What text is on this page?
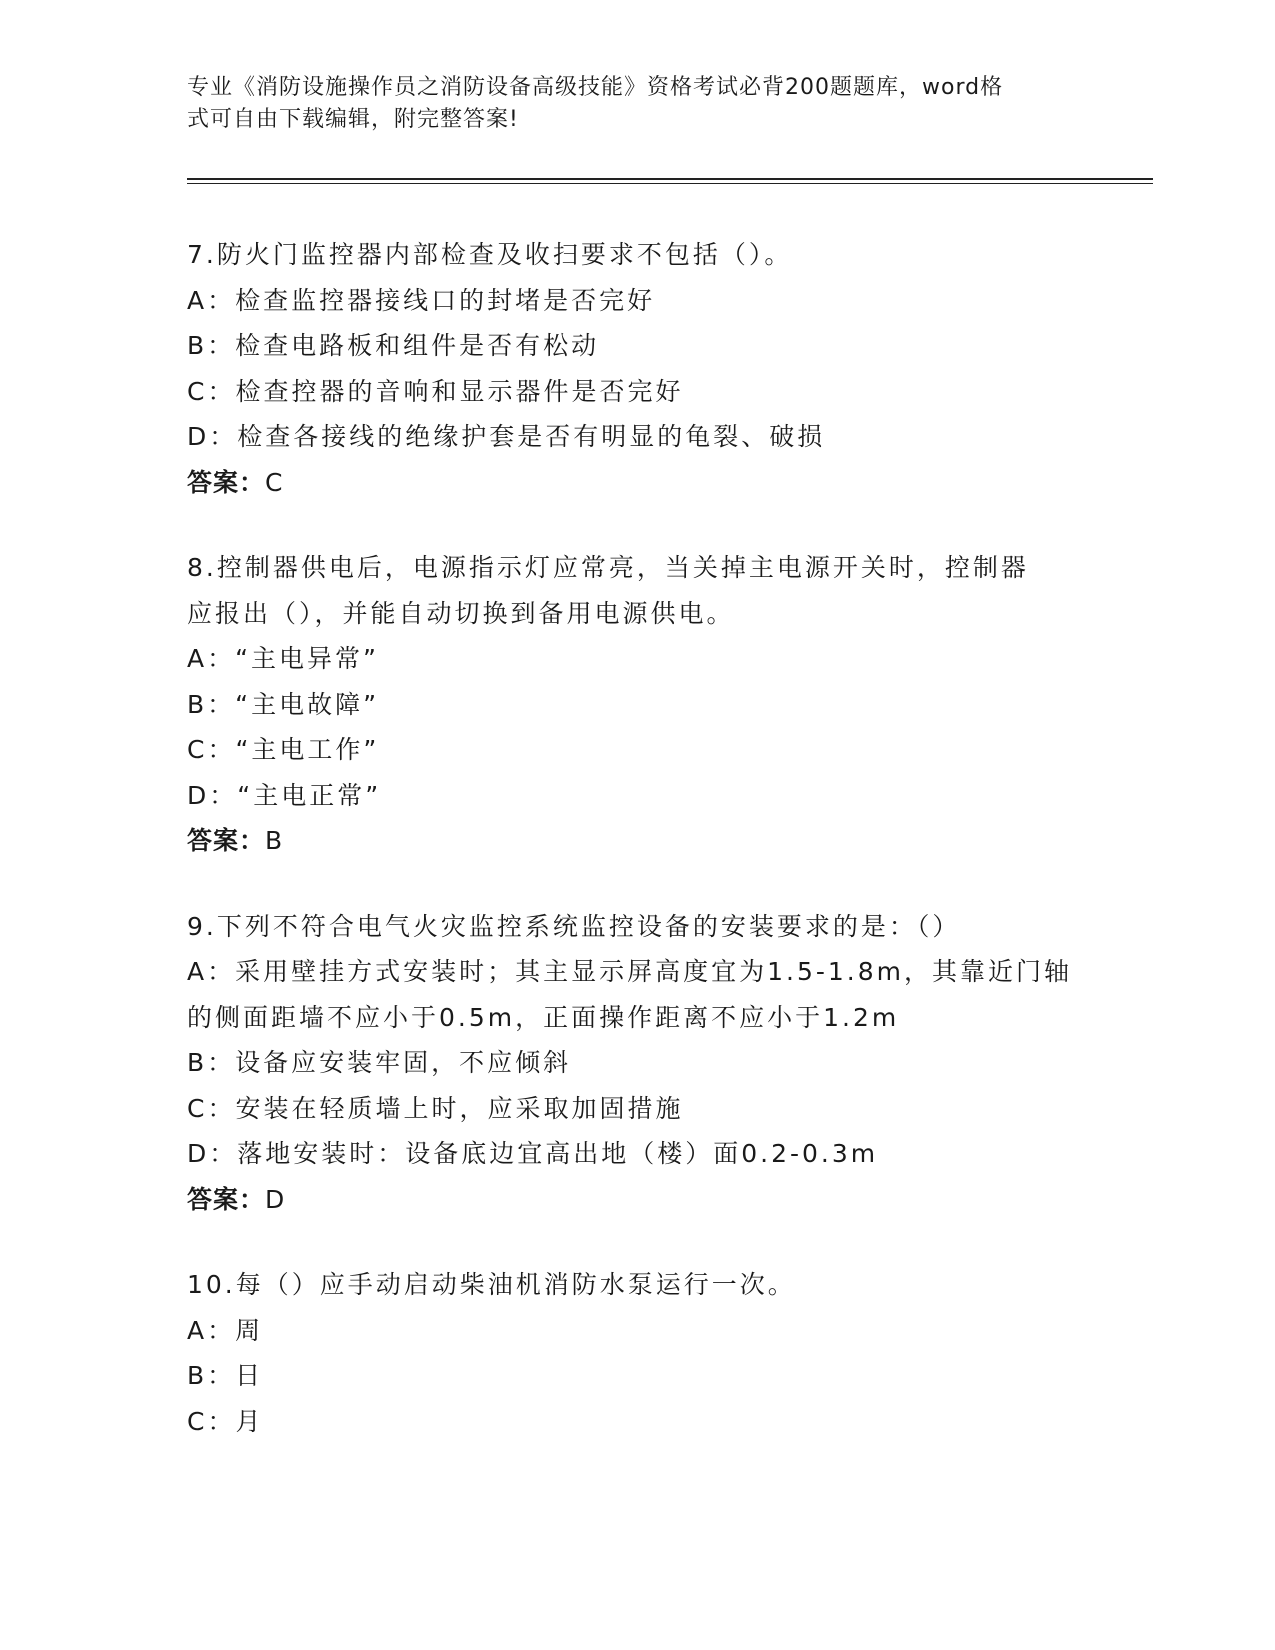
专业《消防设施操作员之消防设备高级技能》资格考试必背200题题库，word格
式可自由下载编辑，附完整答案!
7.防火门监控器内部检查及收扫要求不包括（）。
A：检查监控器接线口的封堵是否完好
B：检查电路板和组件是否有松动
C：检查控器的音响和显示器件是否完好
D：检查各接线的绝缘护套是否有明显的龟裂、破损
答案：C
8.控制器供电后，电源指示灯应常亮，当关掉主电源开关时，控制器
应报出（），并能自动切换到备用电源供电。
A：“主电异常”
B：“主电故障”
C：“主电工作”
D：“主电正常”
答案：B
9.下列不符合电气火灾监控系统监控设备的安装要求的是：（）
A：采用壁挂方式安装时；其主显示屏高度宜为1.5-1.8m，其靠近门轴
的侧面距墙不应小于0.5m，正面操作距离不应小于1.2m
B：设备应安装牢固，不应倾斜
C：安装在轻质墙上时，应采取加固措施
D：落地安装时：设备底边宜高出地（楼）面0.2-0.3m
答案：D
10.每（）应手动启动柴油机消防水泵运行一次。
A：周
B：日
C：月
